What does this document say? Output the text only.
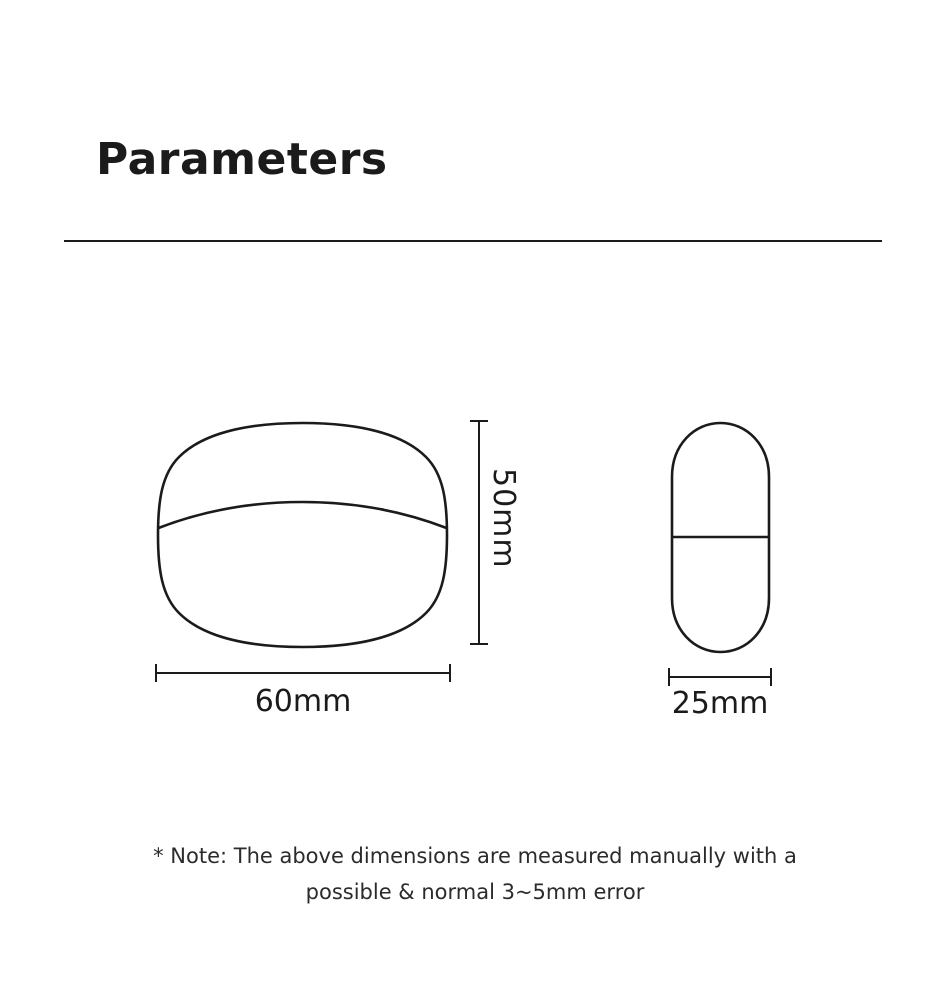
Parameters
50mm
60mm	25mm
* Note: The above dimensions are measured manually with a
possible & normal 3~5mm error
